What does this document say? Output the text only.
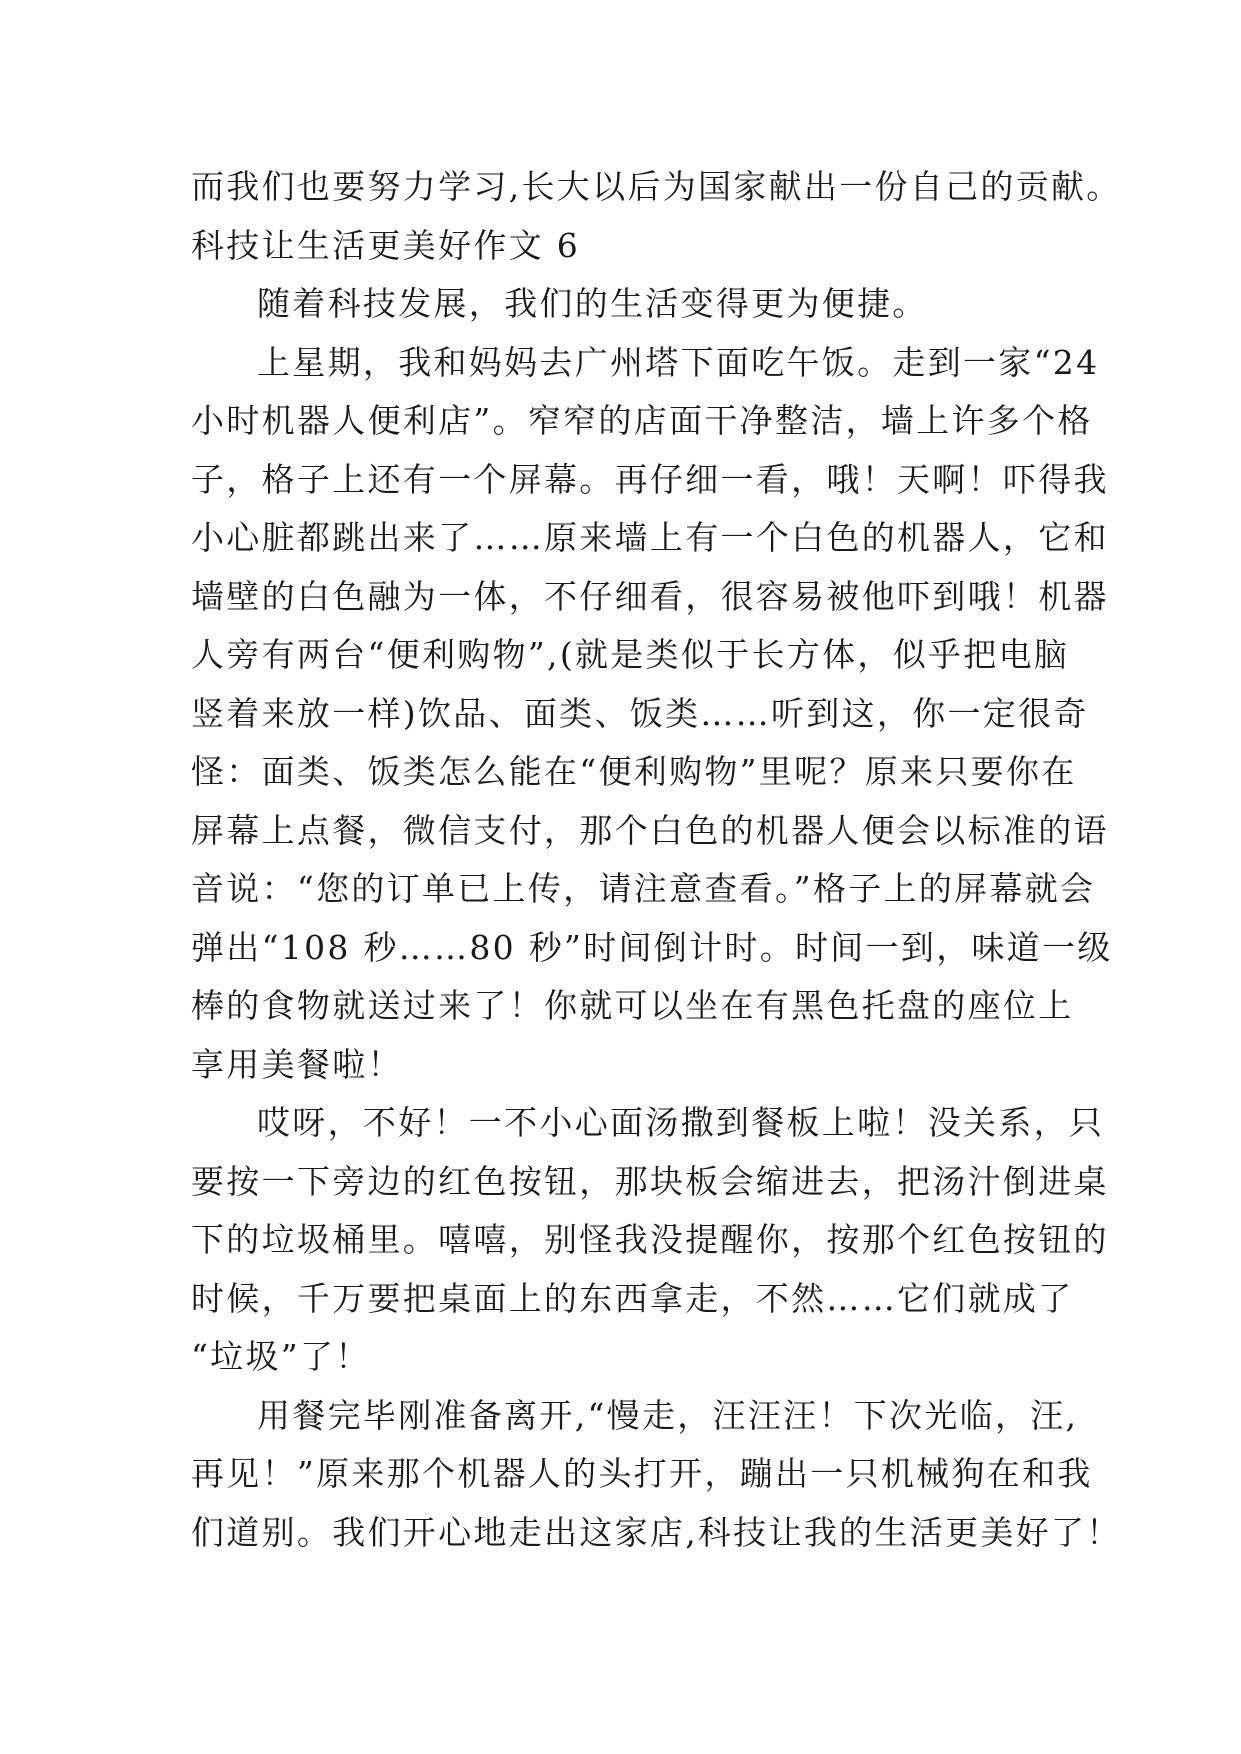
而我们也要努力学习,长大以后为国家献出一份自己的贡献。
科技让生活更美好作文 6
随着科技发展，我们的生活变得更为便捷。
上星期，我和妈妈去广州塔下面吃午饭。走到一家“24
小时机器人便利店”。窄窄的店面干净整洁，墙上许多个格
子，格子上还有一个屏幕。再仔细一看，哦！天啊！吓得我
小心脏都跳出来了……原来墙上有一个白色的机器人，它和
墙壁的白色融为一体，不仔细看，很容易被他吓到哦！机器
人旁有两台“便利购物”,(就是类似于长方体，似乎把电脑
竖着来放一样)饮品、面类、饭类……听到这，你一定很奇
怪：面类、饭类怎么能在“便利购物”里呢？原来只要你在
屏幕上点餐，微信支付，那个白色的机器人便会以标准的语
音说：“您的订单已上传，请注意查看。”格子上的屏幕就会
弹出“108 秒……80 秒”时间倒计时。时间一到，味道一级
棒的食物就送过来了！你就可以坐在有黑色托盘的座位上
享用美餐啦！
哎呀，不好！一不小心面汤撒到餐板上啦！没关系，只
要按一下旁边的红色按钮，那块板会缩进去，把汤汁倒进桌
下的垃圾桶里。嘻嘻，别怪我没提醒你，按那个红色按钮的
时候，千万要把桌面上的东西拿走，不然……它们就成了
“垃圾”了！
用餐完毕刚准备离开,“慢走，汪汪汪！下次光临，汪,
再见！”原来那个机器人的头打开，蹦出一只机械狗在和我
们道别。我们开心地走出这家店,科技让我的生活更美好了！
